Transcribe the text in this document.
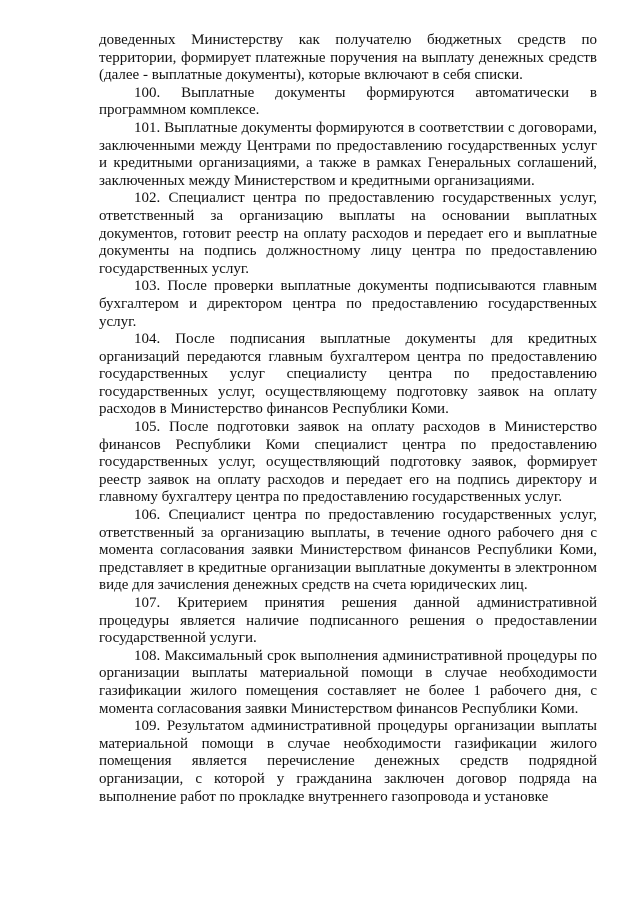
доведенных Министерству как получателю бюджетных средств по территории, формирует платежные поручения на выплату денежных средств (далее - выплатные документы), которые включают в себя списки.

100. Выплатные документы формируются автоматически в программном комплексе.

101. Выплатные документы формируются в соответствии с договорами, заключенными между Центрами по предоставлению государственных услуг и кредитными организациями, а также в рамках Генеральных соглашений, заключенных между Министерством и кредитными организациями.

102. Специалист центра по предоставлению государственных услуг, ответственный за организацию выплаты на основании выплатных документов, готовит реестр на оплату расходов и передает его и выплатные документы на подпись должностному лицу центра по предоставлению государственных услуг.

103. После проверки выплатные документы подписываются главным бухгалтером и директором центра по предоставлению государственных услуг.

104. После подписания выплатные документы для кредитных организаций передаются главным бухгалтером центра по предоставлению государственных услуг специалисту центра по предоставлению государственных услуг, осуществляющему подготовку заявок на оплату расходов в Министерство финансов Республики Коми.

105. После подготовки заявок на оплату расходов в Министерство финансов Республики Коми специалист центра по предоставлению государственных услуг, осуществляющий подготовку заявок, формирует реестр заявок на оплату расходов и передает его на подпись директору и главному бухгалтеру центра по предоставлению государственных услуг.

106. Специалист центра по предоставлению государственных услуг, ответственный за организацию выплаты, в течение одного рабочего дня с момента согласования заявки Министерством финансов Республики Коми, представляет в кредитные организации выплатные документы в электронном виде для зачисления денежных средств на счета юридических лиц.

107. Критерием принятия решения данной административной процедуры является наличие подписанного решения о предоставлении государственной услуги.

108. Максимальный срок выполнения административной процедуры по организации выплаты материальной помощи в случае необходимости газификации жилого помещения составляет не более 1 рабочего дня, с момента согласования заявки Министерством финансов Республики Коми.

109. Результатом административной процедуры организации выплаты материальной помощи в случае необходимости газификации жилого помещения является перечисление денежных средств подрядной организации, с которой у гражданина заключен договор подряда на выполнение работ по прокладке внутреннего газопровода и установке
